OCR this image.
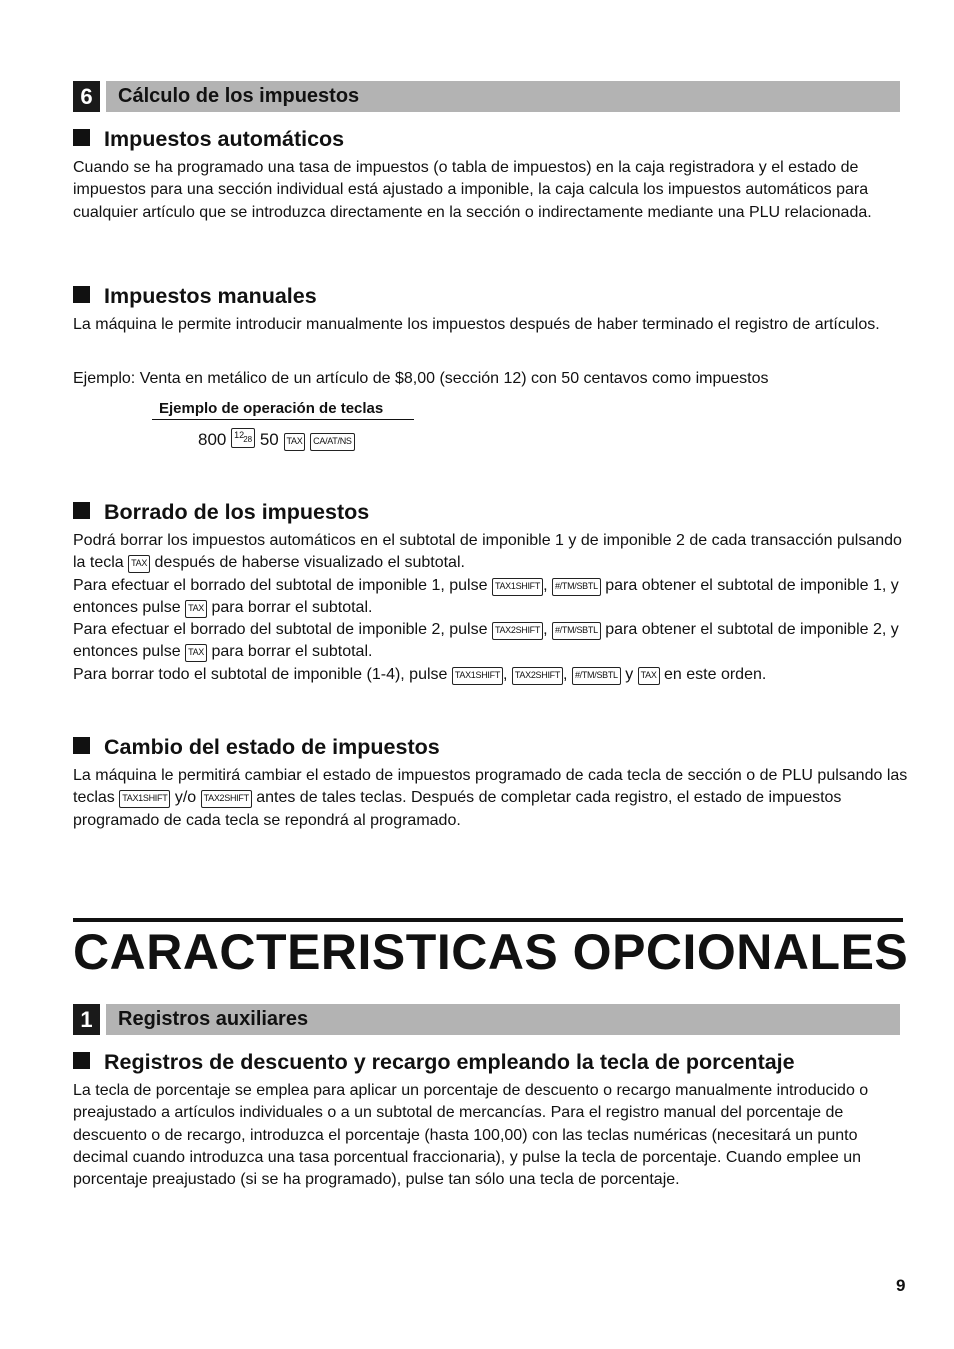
6	Cálculo de los impuestos
Impuestos automáticos

Cuando se ha programado una tasa de impuestos (o tabla de impuestos) en la caja registradora y el estado de impuestos para una sección individual está ajustado a imponible, la caja calcula los impuestos automáticos para cualquier artículo que se introduzca directamente en la sección o indirectamente mediante una PLU relacionada.

Impuestos manuales

La máquina le permite introducir manualmente los impuestos después de haber terminado el registro de artículos.

Ejemplo: Venta en metálico de un artículo de $8,00 (sección 12) con 50 centavos como impuestos

Ejemplo de operación de teclas
800 28
12 50 TAX CA/AT/NS
Borrado de los impuestos

Podrá borrar los impuestos automáticos en el subtotal de imponible 1 y de imponible 2 de cada transacción pulsando la tecla TAX después de haberse visualizado el subtotal.

Para efectuar el borrado del subtotal de imponible 1, pulse TAX1SHIFT , #/TM/SBTL para obtener el subtotal de imponible 1, y entonces pulse TAX para borrar el subtotal.

Para efectuar el borrado del subtotal de imponible 2, pulse TAX2SHIFT , #/TM/SBTL para obtener el subtotal de imponible 2, y entonces pulse TAX para borrar el subtotal.

Para borrar todo el subtotal de imponible (1-4), pulse TAX1SHIFT , TAX2SHIFT , #/TM/SBTL y TAX en este orden.

Cambio del estado de impuestos

La máquina le permitirá cambiar el estado de impuestos programado de cada tecla de sección o de PLU pulsando las teclas TAX1SHIFT y/o TAX2SHIFT antes de tales teclas. Después de completar cada registro, el estado de impuestos programado de cada tecla se repondrá al programado.

CARACTERISTICAS OPCIONALES
1	Registros auxiliares
Registros de descuento y recargo empleando la tecla de porcentaje

La tecla de porcentaje se emplea para aplicar un porcentaje de descuento o recargo manualmente introducido o preajustado a artículos individuales o a un subtotal de mercancías. Para el registro manual del porcentaje de descuento o de recargo, introduzca el porcentaje (hasta 100,00) con las teclas numéricas (necesitará un punto decimal cuando introduzca una tasa porcentual fraccionaria), y pulse la tecla de porcentaje. Cuando emplee un porcentaje preajustado (si se ha programado), pulse tan sólo una tecla de porcentaje.

9
